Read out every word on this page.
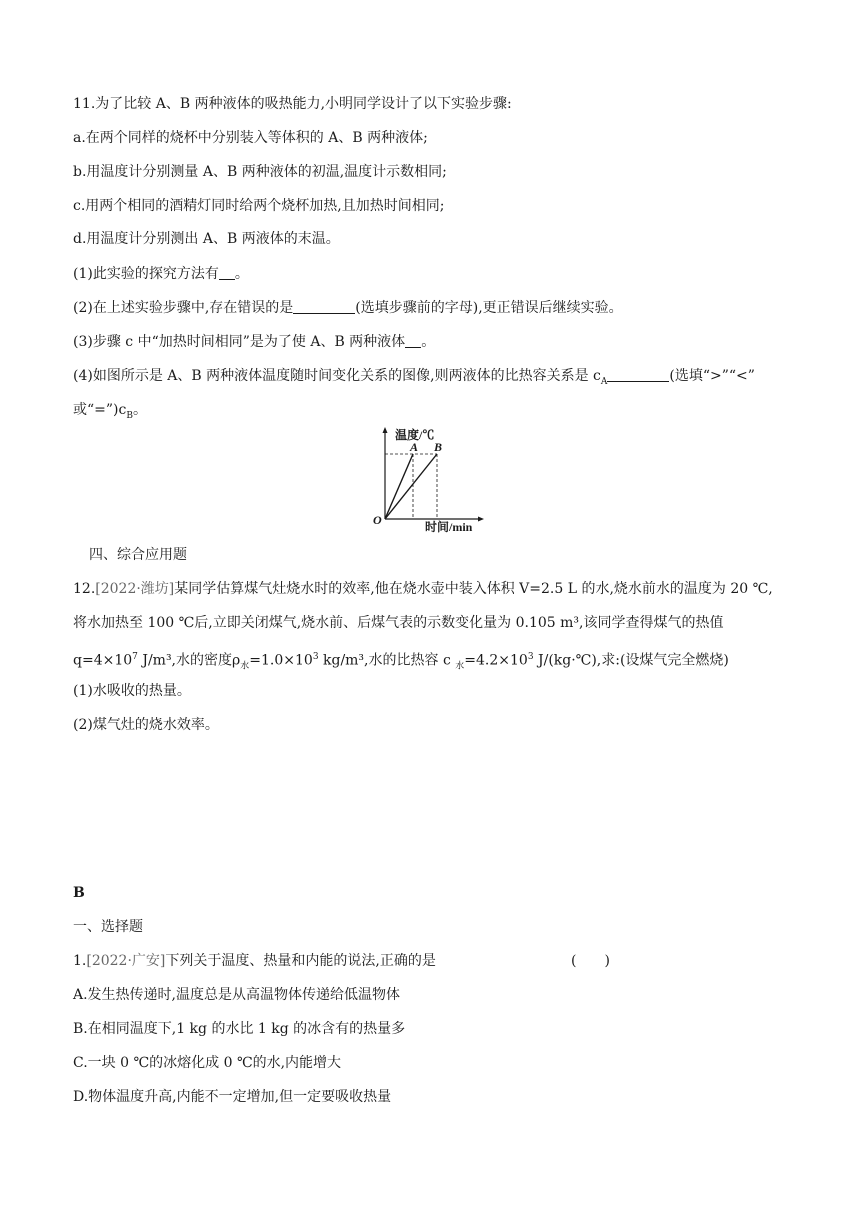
11.为了比较 A、B 两种液体的吸热能力,小明同学设计了以下实验步骤:
a.在两个同样的烧杯中分别装入等体积的 A、B 两种液体;
b.用温度计分别测量 A、B 两种液体的初温,温度计示数相同;
c.用两个相同的酒精灯同时给两个烧杯加热,且加热时间相同;
d.用温度计分别测出 A、B 两液体的末温。
(1)此实验的探究方法有 。
(2)在上述实验步骤中,存在错误的是	(选填步骤前的字母),更正错误后继续实验。
(3)步骤 c 中“加热时间相同”是为了使 A、B 两种液体 。
(4)如图所示是 A、B 两种液体温度随时间变化关系的图像,则两液体的比热容关系是 $c_A$	(选填“>”“<”
或“$=”)c_B$。
温度/℃
时间/min
O
A B
四、综合应用题
12.[2022·潍坊]某同学估算煤气灶烧水时的效率,他在烧水壶中装入体积 V=2.5 L 的水,烧水前水的温度为 20 ℃,
将水加热至 100 ℃后,立即关闭煤气,烧水前、后煤气表的示数变化量为 0.105 m³,该同学查得煤气的热值
$q=4\times 10^7$ J/m³,水的密度$\rho_水=1.0\times 10^3$ kg/m³,水的比热容 c $_水=4.2\times 10^3$ J/(kg·℃),求:(设煤气完全燃烧)
(1)水吸收的热量。
(2)煤气灶的烧水效率。
B
一、选择题
1.[2022·广安]下列关于温度、热量和内能的说法,正确的是	(　　)
A.发生热传递时,温度总是从高温物体传递给低温物体
B.在相同温度下,1 kg 的水比 1 kg 的冰含有的热量多
C.一块 0 ℃的冰熔化成 0 ℃的水,内能增大
D.物体温度升高,内能不一定增加,但一定要吸收热量
